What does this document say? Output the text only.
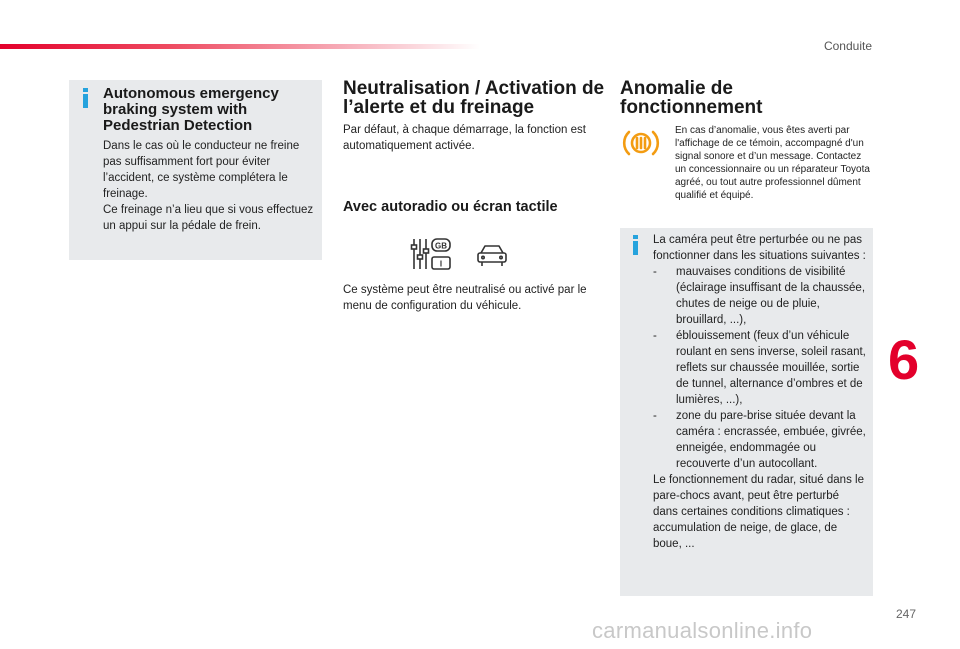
Conduite
Autonomous emergency braking system with Pedestrian Detection

Dans le cas où le conducteur ne freine pas suffisamment fort pour éviter l’accident, ce système complétera le freinage.
Ce freinage n’a lieu que si vous effectuez un appui sur la pédale de frein.

Neutralisation / Activation de l’alerte et du freinage
Par défaut, à chaque démarrage, la fonction est automatiquement activée.
Avec autoradio ou écran tactile
GB
I
Ce système peut être neutralisé ou activé par le menu de configuration du véhicule.
Anomalie de fonctionnement
En cas d’anomalie, vous êtes averti par l'affichage de ce témoin, accompagné d'un signal sonore et d’un message. Contactez un concessionnaire ou un réparateur Toyota agréé, ou tout autre professionnel dûment qualifié et équipé.
La caméra peut être perturbée ou ne pas fonctionner dans les situations suivantes :
- mauvaises conditions de visibilité (éclairage insuffisant de la chaussée, chutes de neige ou de pluie, brouillard, ...),
- éblouissement (feux d’un véhicule roulant en sens inverse, soleil rasant, reflets sur chaussée mouillée, sortie de tunnel, alternance d’ombres et de lumières, ...),
- zone du pare-brise située devant la caméra : encrassée, embuée, givrée, enneigée, endommagée ou recouverte d’un autocollant.
Le fonctionnement du radar, situé dans le pare-chocs avant, peut être perturbé dans certaines conditions climatiques : accumulation de neige, de glace, de boue, ...
6
247
carmanualsonline.info
